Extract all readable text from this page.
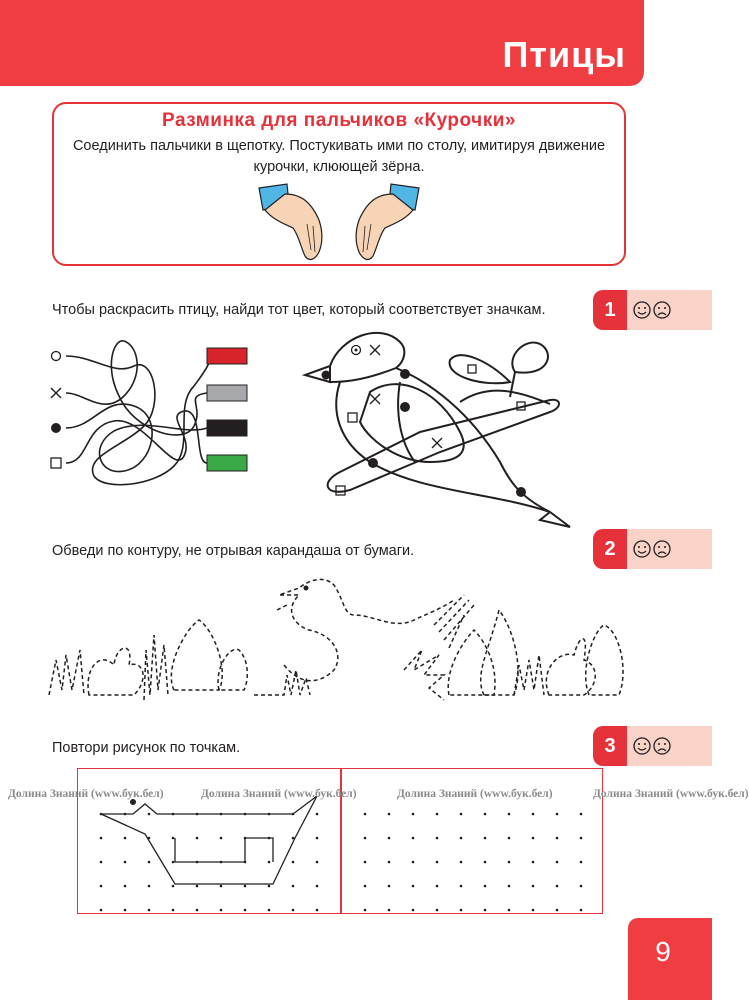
Птицы
Разминка для пальчиков «Курочки»
Соединить пальчики в щепотку. Постукивать ими по столу, имитируя движение
курочки, клюющей зёрна.
Чтобы раскрасить птицу, найди тот цвет, который соответствует значкам.	1
Обведи по контуру, не отрывая карандаша от бумаги.	2
Повтори рисунок по точкам.	3
Долина Знаний (www.бук.бел)	Долина Знаний (www.бук.бел)	Долина Знаний (www.бук.бел)	Долина Знаний (www.бук.бел)
9
